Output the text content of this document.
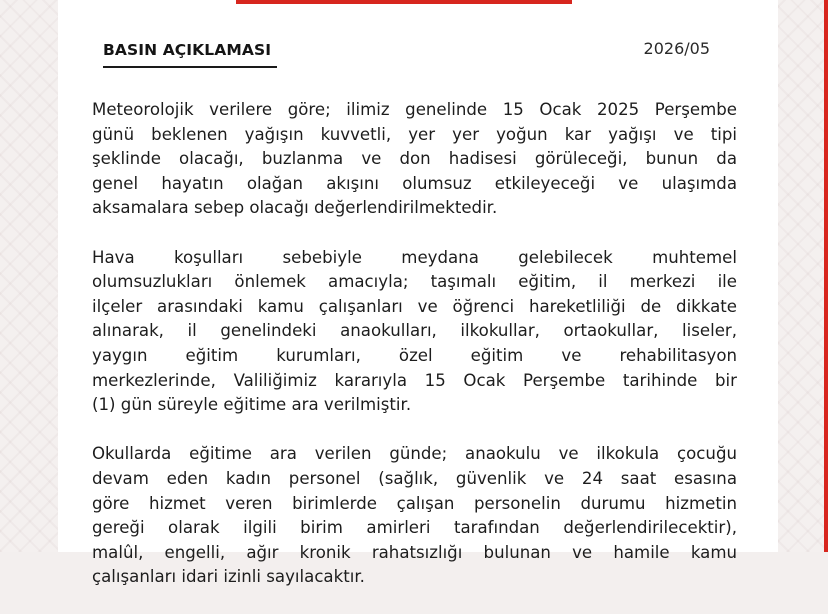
BASIN AÇIKLAMASI	2026/05

Meteorolojik verilere göre; ilimiz genelinde 15 Ocak 2025 Perşembe
günü beklenen yağışın kuvvetli, yer yer yoğun kar yağışı ve tipi
şeklinde olacağı, buzlanma ve don hadisesi görüleceği, bunun da
genel hayatın olağan akışını olumsuz etkileyeceği ve ulaşımda
aksamalara sebep olacağı değerlendirilmektedir.

Hava koşulları sebebiyle meydana gelebilecek muhtemel
olumsuzlukları önlemek amacıyla; taşımalı eğitim, il merkezi ile
ilçeler arasındaki kamu çalışanları ve öğrenci hareketliliği de dikkate
alınarak, il genelindeki anaokulları, ilkokullar, ortaokullar, liseler,
yaygın eğitim kurumları, özel eğitim ve rehabilitasyon
merkezlerinde, Valiliğimiz kararıyla 15 Ocak Perşembe tarihinde bir
(1) gün süreyle eğitime ara verilmiştir.

Okullarda eğitime ara verilen günde; anaokulu ve ilkokula çocuğu
devam eden kadın personel (sağlık, güvenlik ve 24 saat esasına
göre hizmet veren birimlerde çalışan personelin durumu hizmetin
gereği olarak ilgili birim amirleri tarafından değerlendirilecektir),
malûl, engelli, ağır kronik rahatsızlığı bulunan ve hamile kamu
çalışanları idari izinli sayılacaktır.
